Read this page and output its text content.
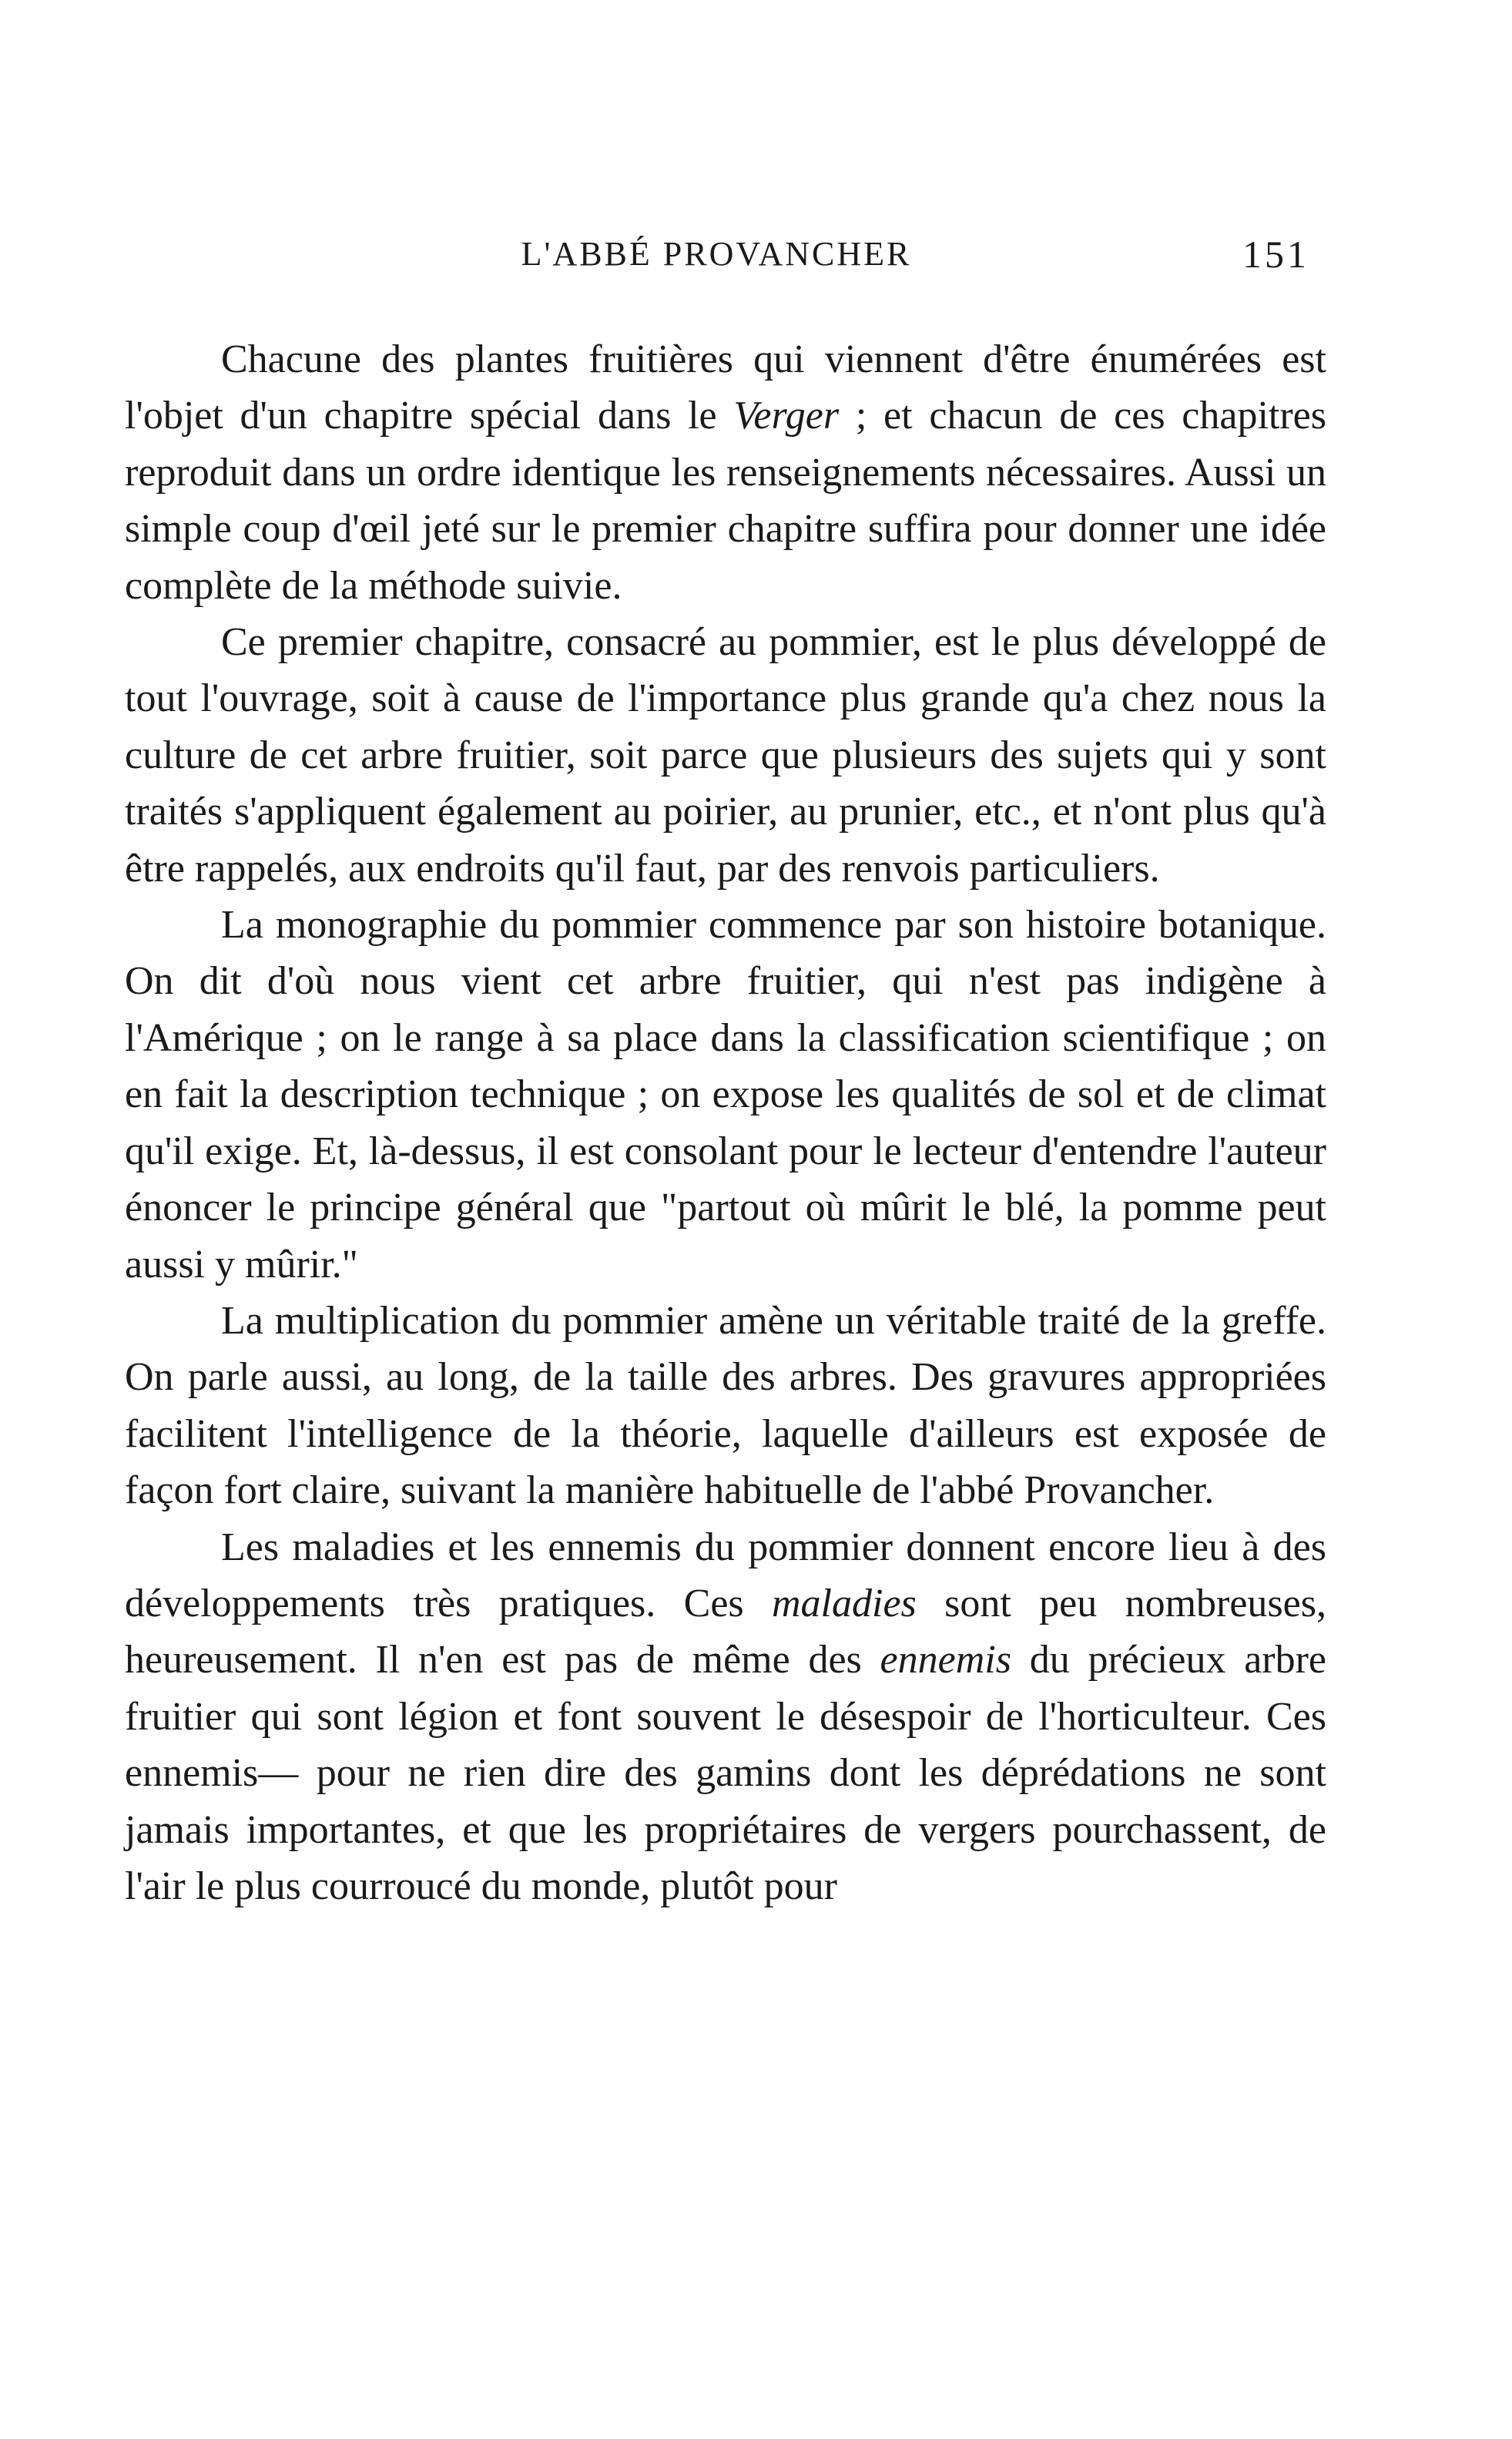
L'ABBÉ PROVANCHER	151

Chacune des plantes fruitières qui viennent d'être énumérées est l'objet d'un chapitre spécial dans le Verger ; et chacun de ces chapitres reproduit dans un ordre identique les renseignements nécessaires. Aussi un simple coup d'œil jeté sur le premier chapitre suffira pour donner une idée complète de la méthode suivie.

Ce premier chapitre, consacré au pommier, est le plus développé de tout l'ouvrage, soit à cause de l'importance plus grande qu'a chez nous la culture de cet arbre fruitier, soit parce que plusieurs des sujets qui y sont traités s'appliquent également au poirier, au prunier, etc., et n'ont plus qu'à être rappelés, aux endroits qu'il faut, par des renvois particuliers.

La monographie du pommier commence par son histoire botanique. On dit d'où nous vient cet arbre fruitier, qui n'est pas indigène à l'Amérique ; on le range à sa place dans la classification scientifique ; on en fait la description technique ; on expose les qualités de sol et de climat qu'il exige. Et, là-dessus, il est consolant pour le lecteur d'entendre l'auteur énoncer le principe général que "partout où mûrit le blé, la pomme peut aussi y mûrir."

La multiplication du pommier amène un véritable traité de la greffe. On parle aussi, au long, de la taille des arbres. Des gravures appropriées facilitent l'intelligence de la théorie, laquelle d'ailleurs est exposée de façon fort claire, suivant la manière habituelle de l'abbé Provancher.

Les maladies et les ennemis du pommier donnent encore lieu à des développements très pratiques. Ces maladies sont peu nombreuses, heureusement. Il n'en est pas de même des ennemis du précieux arbre fruitier qui sont légion et font souvent le désespoir de l'horticulteur. Ces ennemis— pour ne rien dire des gamins dont les déprédations ne sont jamais importantes, et que les propriétaires de vergers pourchassent, de l'air le plus courroucé du monde, plutôt pour
